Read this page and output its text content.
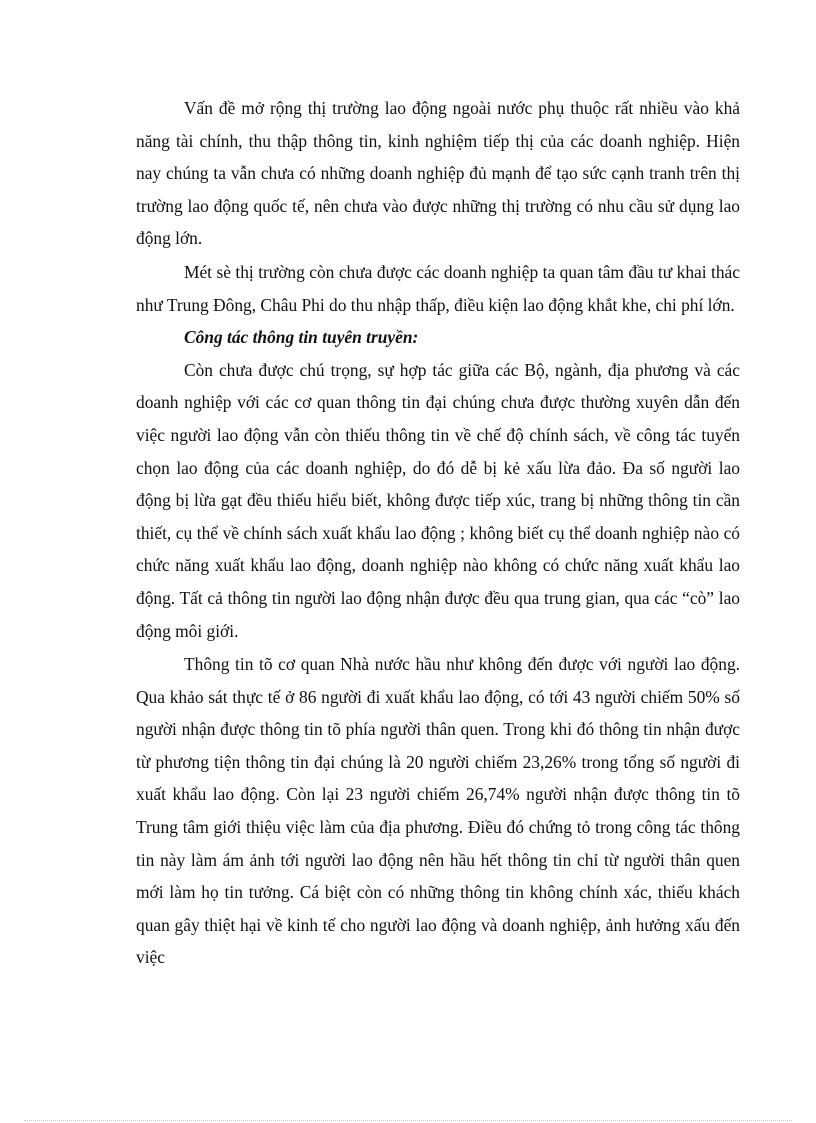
Vấn đề mở rộng thị trường lao động ngoài nước phụ thuộc rất nhiều vào khả năng tài chính, thu thập thông tin, kinh nghiệm tiếp thị của các doanh nghiệp. Hiện nay chúng ta vẫn chưa có những doanh nghiệp đủ mạnh để tạo sức cạnh tranh trên thị trường lao động quốc tế, nên chưa vào được những thị trường có nhu cầu sử dụng lao động lớn.

Mét sè thị trường còn chưa được các doanh nghiệp ta quan tâm đầu tư khai thác như Trung Đông, Châu Phi do thu nhập thấp, điều kiện lao động khắt khe, chi phí lớn.

Công tác thông tin tuyên truyền:

Còn chưa được chú trọng, sự hợp tác giữa các Bộ, ngành, địa phương và các doanh nghiệp với các cơ quan thông tin đại chúng chưa được thường xuyên dẫn đến việc người lao động vẫn còn thiếu thông tin về chế độ chính sách, về công tác tuyển chọn lao động của các doanh nghiệp, do đó dễ bị kẻ xấu lừa đảo. Đa số người lao động bị lừa gạt đều thiếu hiểu biết, không được tiếp xúc, trang bị những thông tin cần thiết, cụ thể về chính sách xuất khẩu lao động ; không biết cụ thể doanh nghiệp nào có chức năng xuất khẩu lao động, doanh nghiệp nào không có chức năng xuất khẩu lao động. Tất cả thông tin người lao động nhận được đều qua trung gian, qua các “cò” lao động môi giới.

Thông tin tõ cơ quan Nhà nước hầu như không đến được với người lao động. Qua khảo sát thực tế ở 86 người đi xuất khẩu lao động, có tới 43 người chiếm 50% số người nhận được thông tin tõ phía người thân quen. Trong khi đó thông tin nhận được từ phương tiện thông tin đại chúng là 20 người chiếm 23,26% trong tổng số người đi xuất khẩu lao động. Còn lại 23 người chiếm 26,74% người nhận được thông tin tõ Trung tâm giới thiệu việc làm của địa phương. Điều đó chứng tỏ trong công tác thông tin này làm ám ảnh tới người lao động nên hầu hết thông tin chỉ từ người thân quen mới làm họ tin tưởng. Cá biệt còn có những thông tin không chính xác, thiếu khách quan gây thiệt hại về kinh tế cho người lao động và doanh nghiệp, ảnh hưởng xấu đến việc
